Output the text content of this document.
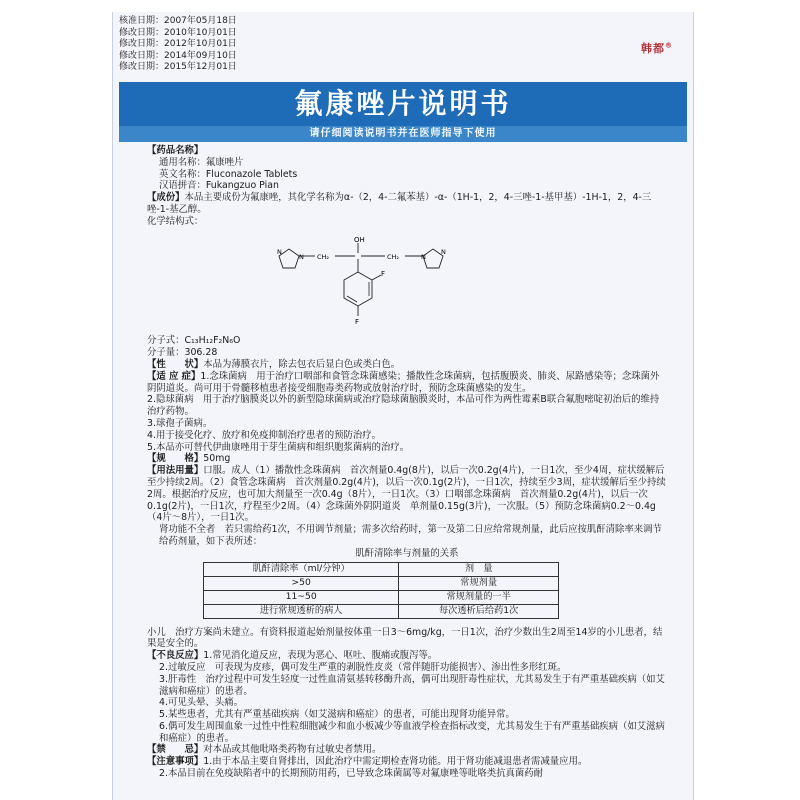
核准日期：2007年05月18日
修改日期：2010年10月01日
修改日期：2012年10月01日
修改日期：2014年09月10日
修改日期：2015年12月01日
韩都®
氟康唑片说明书
请仔细阅读说明书并在医师指导下使用

【药品名称】

通用名称：氟康唑片

英文名称：Fluconazole Tablets

汉语拼音：Fukangzuo Pian

【成份】本品主要成份为氟康唑，其化学名称为α-（2，4-二氟苯基）-α-（1H-1，2，4-三唑-1-基甲基）-1H-1，2，4-三唑-1-基乙醇。

化学结构式：

OH
F
F
N
N
N
N
CH₂	CH₂

分子式：C₁₃H₁₂F₂N₆O

分子量：306.28

【性　　状】本品为薄膜衣片，除去包衣后显白色或类白色。

【适 应 症】1.念珠菌病　用于治疗口咽部和食管念珠菌感染；播散性念珠菌病，包括腹膜炎、肺炎、尿路感染等；念珠菌外阴阴道炎。尚可用于骨髓移植患者接受细胞毒类药物或放射治疗时，预防念珠菌感染的发生。

2.隐球菌病　用于治疗脑膜炎以外的新型隐球菌病或治疗隐球菌脑膜炎时，本品可作为两性霉素B联合氟胞嘧啶初治后的维持治疗药物。

3.球孢子菌病。

4.用于接受化疗、放疗和免疫抑制治疗患者的预防治疗。

5.本品亦可替代伊曲康唑用于芽生菌病和组织胞浆菌病的治疗。

【规　　格】50mg

【用法用量】口服。成人（1）播散性念珠菌病　首次剂量0.4g(8片)，以后一次0.2g(4片)，一日1次，至少4周，症状缓解后至少持续2周。（2）食管念珠菌病　首次剂量0.2g(4片)，以后一次0.1g(2片)，一日1次，持续至少3周，症状缓解后至少持续2周。根据治疗反应，也可加大剂量至一次0.4g（8片），一日1次。（3）口咽部念珠菌病　首次剂量0.2g(4片)，以后一次0.1g(2片)，一日1次，疗程至少2周。（4）念珠菌外阴阴道炎　单剂量0.15g(3片)，一次服。（5）预防念珠菌病0.2～0.4g（4片～8片），一日1次。

肾功能不全者　若只需给药1次，不用调节剂量；需多次给药时，第一及第二日应给常规剂量，此后应按肌酐清除率来调节给药剂量，如下表所述：

肌酐清除率与剂量的关系

肌酐清除率（ml/分钟）	剂　量
>50	常规剂量
11~50	常规剂量的一半
进行常规透析的病人	每次透析后给药1次

小儿　治疗方案尚未建立。有资料报道起始剂量按体重一日3～6mg/kg，一日1次，治疗少数出生2周至14岁的小儿患者，结果是安全的。

【不良反应】1.常见消化道反应，表现为恶心、呕吐、腹痛或腹泻等。

2.过敏反应　可表现为皮疹，偶可发生严重的剥脱性皮炎（常伴随肝功能损害）、渗出性多形红斑。

3.肝毒性　治疗过程中可发生轻度一过性血清氨基转移酶升高，偶可出现肝毒性症状，尤其易发生于有严重基础疾病（如艾滋病和癌症）的患者。

4.可见头晕、头痛。

5.某些患者，尤其有严重基础疾病（如艾滋病和癌症）的患者，可能出现肾功能异常。

6.偶可发生周围血象一过性中性粒细胞减少和血小板减少等血液学检查指标改变，尤其易发生于有严重基础疾病（如艾滋病和癌症）的患者。

【禁　　忌】对本品或其他吡咯类药物有过敏史者禁用。

【注意事项】1.由于本品主要自肾排出，因此治疗中需定期检查肾功能。用于肾功能减退患者需减量应用。

2.本品目前在免疫缺陷者中的长期预防用药，已导致念珠菌属等对氟康唑等吡咯类抗真菌药耐
